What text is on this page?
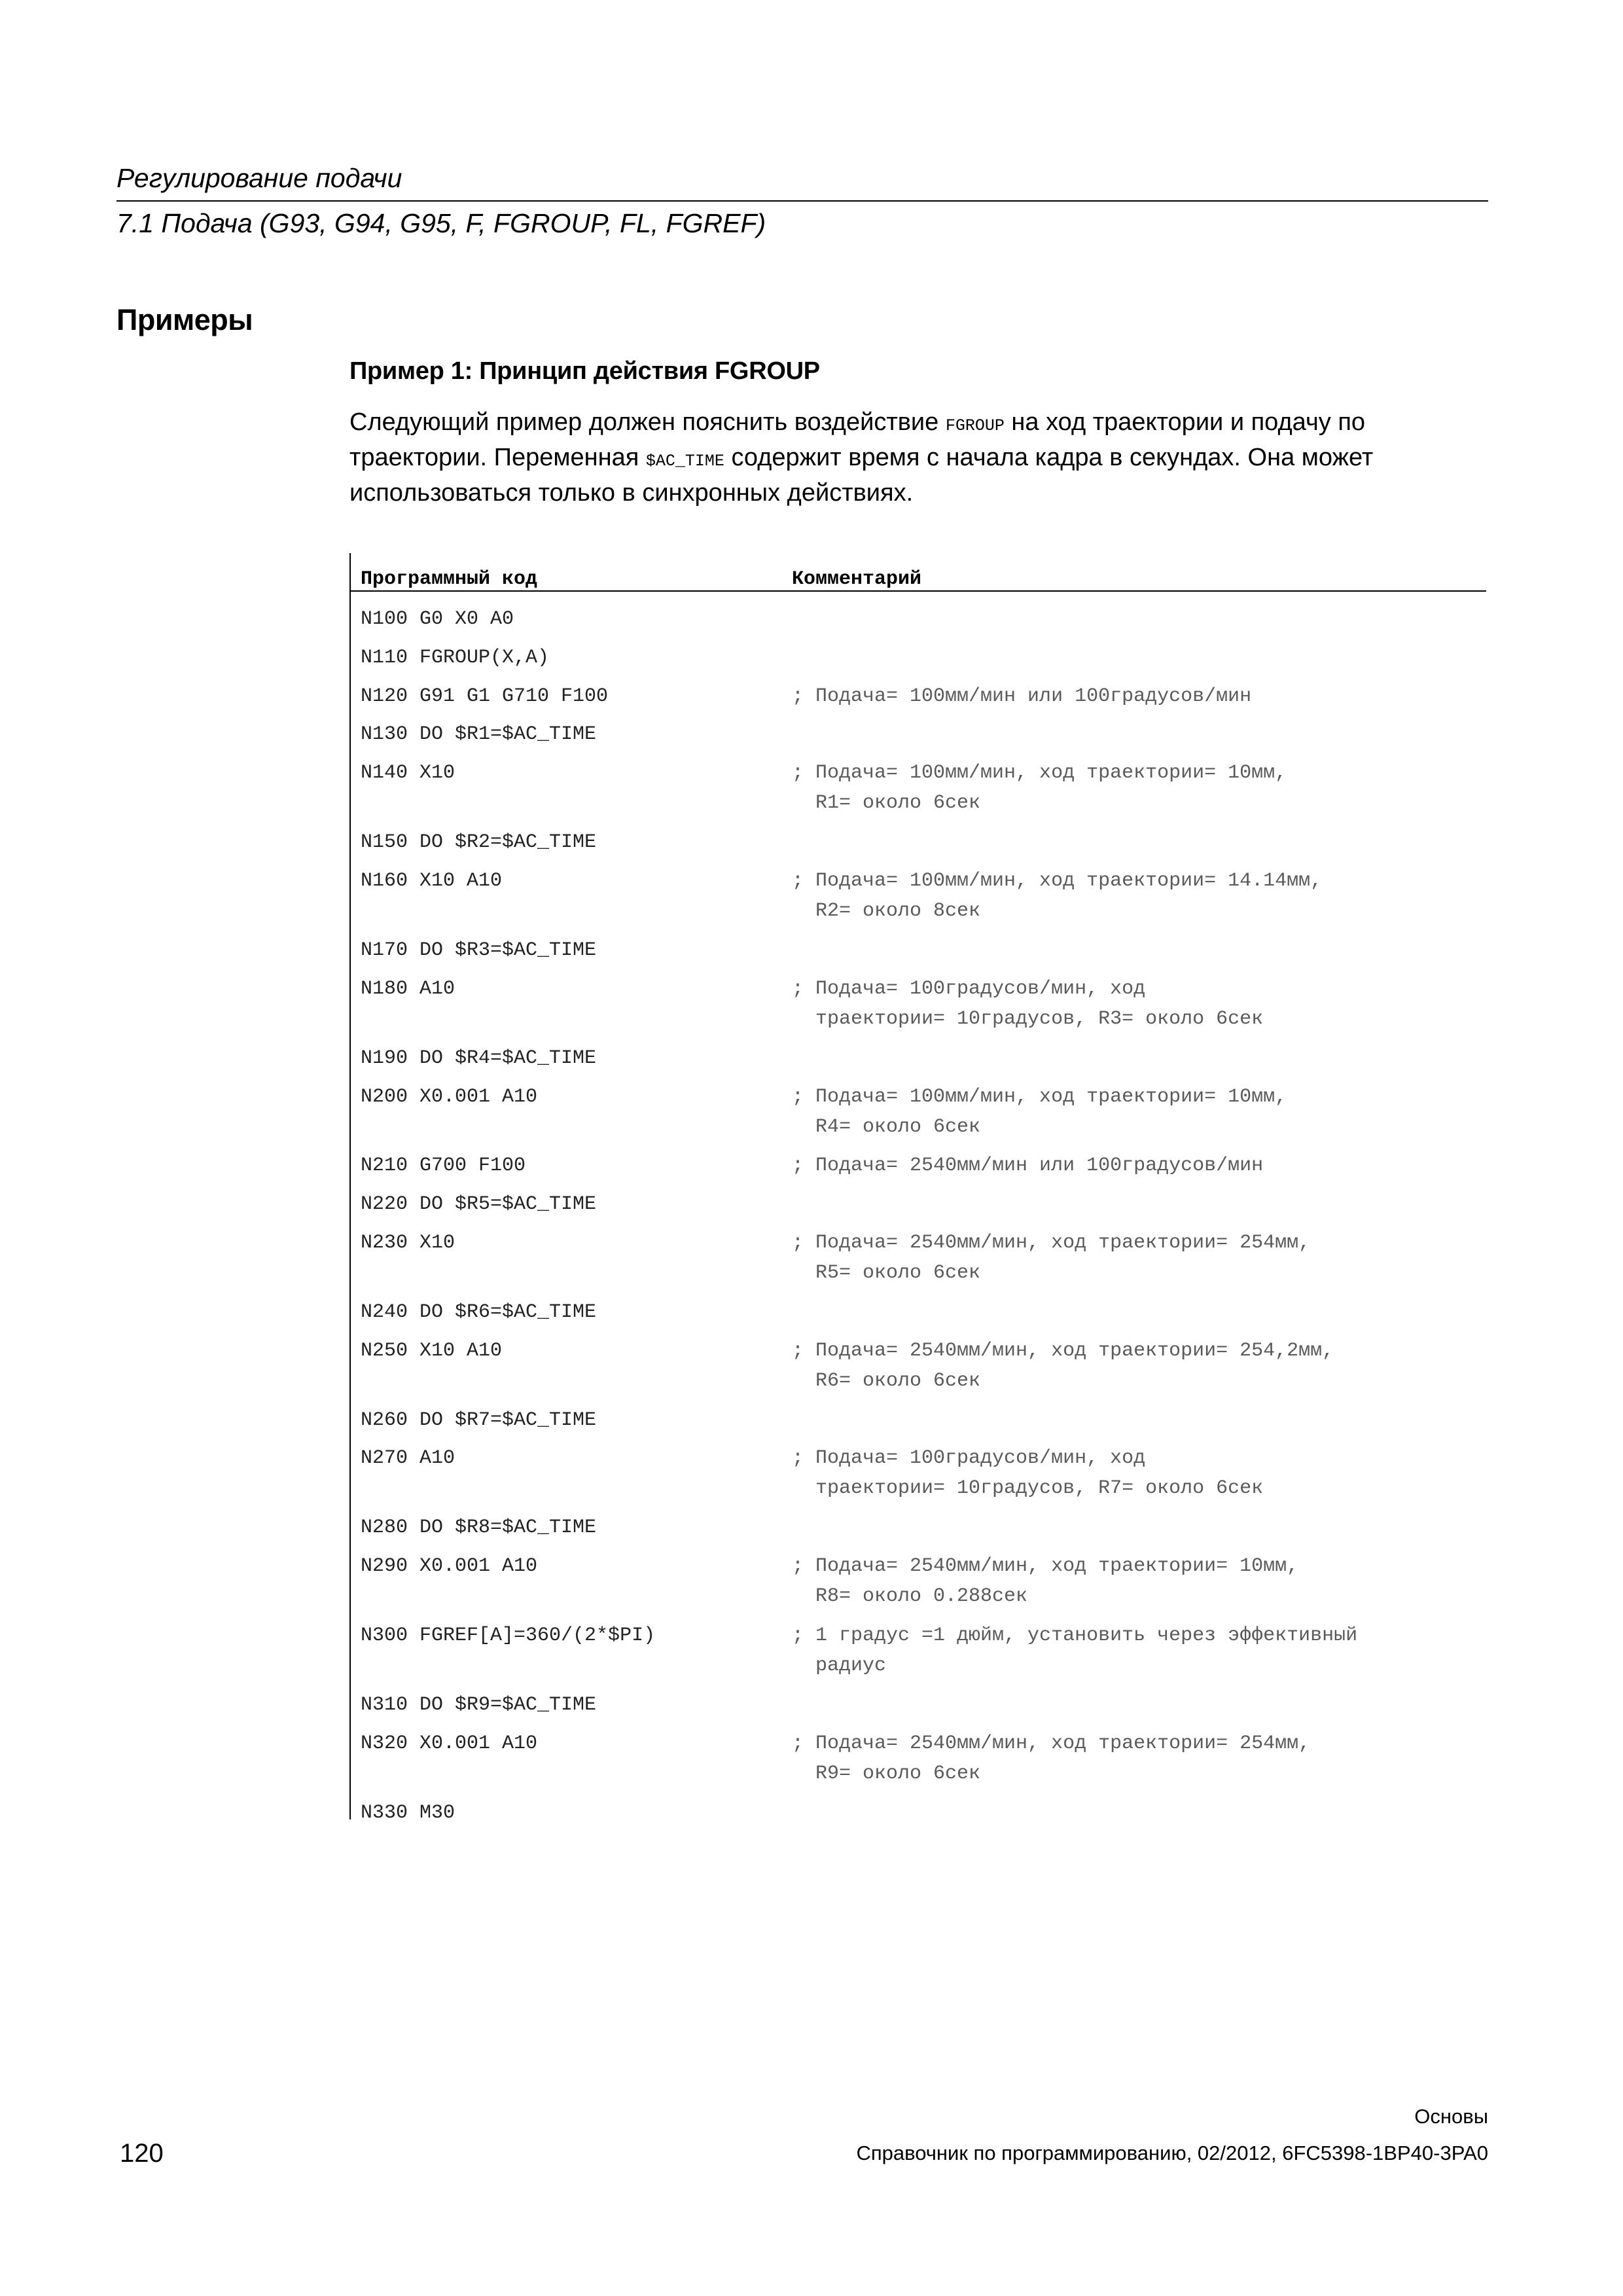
Регулирование подачи
7.1 Подача (G93, G94, G95, F, FGROUP, FL, FGREF)
Примеры
Пример 1: Принцип действия FGROUP
Следующий пример должен пояснить воздействие FGROUP на ход траектории и подачу по траектории. Переменная $AC_TIME содержит время с начала кадра в секундах. Она может использоваться только в синхронных действиях.
Программный код	Комментарий
N100 G0 X0 A0
N110 FGROUP(X,A)
N120 G91 G1 G710 F100	; Подача= 100мм/мин или 100градусов/мин
N130 DO $R1=$AC_TIME
N140 X10	; Подача= 100мм/мин, ход траектории= 10мм,
R1= около 6сек
N150 DO $R2=$AC_TIME
N160 X10 A10	; Подача= 100мм/мин, ход траектории= 14.14мм,
R2= около 8сек
N170 DO $R3=$AC_TIME
N180 A10	; Подача= 100градусов/мин, ход
траектории= 10градусов, R3= около 6сек
N190 DO $R4=$AC_TIME
N200 X0.001 A10	; Подача= 100мм/мин, ход траектории= 10мм,
R4= около 6сек
N210 G700 F100	; Подача= 2540мм/мин или 100градусов/мин
N220 DO $R5=$AC_TIME
N230 X10	; Подача= 2540мм/мин, ход траектории= 254мм,
R5= около 6сек
N240 DO $R6=$AC_TIME
N250 X10 A10	; Подача= 2540мм/мин, ход траектории= 254,2мм,
R6= около 6сек
N260 DO $R7=$AC_TIME
N270 A10	; Подача= 100градусов/мин, ход
траектории= 10градусов, R7= около 6сек
N280 DO $R8=$AC_TIME
N290 X0.001 A10	; Подача= 2540мм/мин, ход траектории= 10мм,
R8= около 0.288сек
N300 FGREF[A]=360/(2*$PI)	; 1 градус =1 дюйм, установить через эффективный
радиус
N310 DO $R9=$AC_TIME
N320 X0.001 A10	; Подача= 2540мм/мин, ход траектории= 254мм,
R9= около 6сек
N330 M30
Основы
120	Справочник по программированию, 02/2012, 6FC5398-1BP40-3PA0
